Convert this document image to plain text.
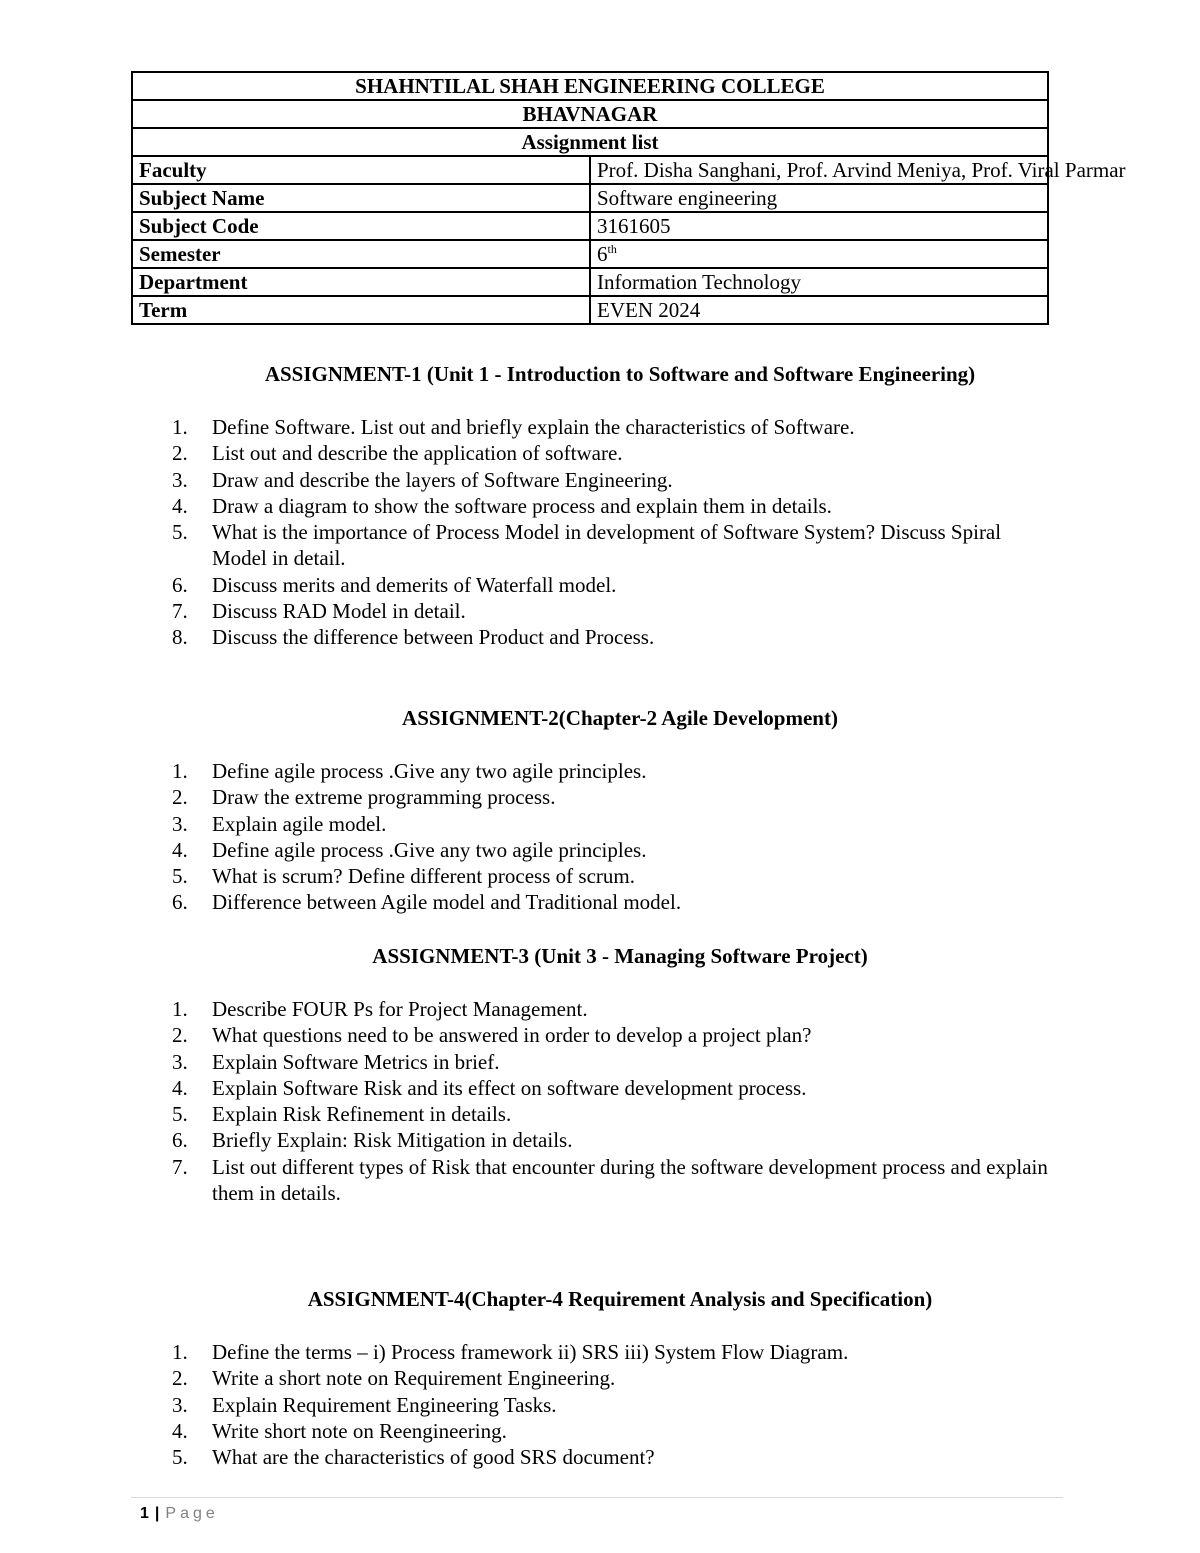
SHAHNTILAL SHAH ENGINEERING COLLEGE	
BHAVNAGAR	
Assignment list	
Faculty	Prof. Disha Sanghani, Prof. Arvind Meniya, Prof. Viral Parmar
Subject Name	Software engineering
Subject Code	3161605
Semester	6th
Department	Information Technology
Term	EVEN 2024
ASSIGNMENT-1 (Unit 1 - Introduction to Software and Software Engineering)
1.	Define Software. List out and briefly explain the characteristics of Software.
2.	List out and describe the application of software.
3.	Draw and describe the layers of Software Engineering.
4.	Draw a diagram to show the software process and explain them in details.
5.	What is the importance of Process Model in development of Software System? Discuss Spiral Model in detail.
6.	Discuss merits and demerits of Waterfall model.
7.	Discuss RAD Model in detail.
8.	Discuss the difference between Product and Process.
ASSIGNMENT-2(Chapter-2 Agile Development)
1.	Define agile process .Give any two agile principles.
2.	Draw the extreme programming process.
3.	Explain agile model.
4.	Define agile process .Give any two agile principles.
5.	What is scrum? Define different process of scrum.
6.	Difference between Agile model and Traditional model.
ASSIGNMENT-3 (Unit 3 - Managing Software Project)
1.	Describe FOUR Ps for Project Management.
2.	What questions need to be answered in order to develop a project plan?
3.	Explain Software Metrics in brief.
4.	Explain Software Risk and its effect on software development process.
5.	Explain Risk Refinement in details.
6.	Briefly Explain: Risk Mitigation in details.
7.	List out different types of Risk that encounter during the software development process and explain them in details.
ASSIGNMENT-4(Chapter-4 Requirement Analysis and Specification)
1.	Define the terms – i) Process framework ii) SRS iii) System Flow Diagram.
2.	Write a short note on Requirement Engineering.
3.	Explain Requirement Engineering Tasks.
4.	Write short note on Reengineering.
5.	What are the characteristics of good SRS document?
1 | Page
